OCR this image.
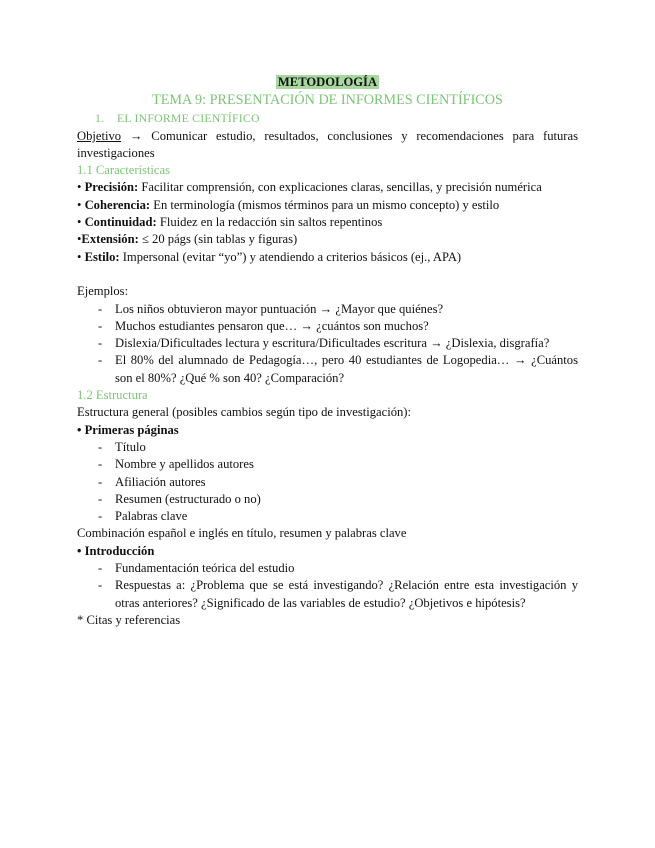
METODOLOGÍA
TEMA 9: PRESENTACIÓN DE INFORMES CIENTÍFICOS
1. EL INFORME CIENTÍFICO
Objetivo → Comunicar estudio, resultados, conclusiones y recomendaciones para futuras investigaciones
1.1 Características
• Precisión: Facilitar comprensión, con explicaciones claras, sencillas, y precisión numérica
• Coherencia: En terminología (mismos términos para un mismo concepto) y estilo
• Continuidad: Fluidez en la redacción sin saltos repentinos
•Extensión: ≤ 20 págs (sin tablas y figuras)
• Estilo: Impersonal (evitar “yo”) y atendiendo a criterios básicos (ej., APA)
Ejemplos:
- Los niños obtuvieron mayor puntuación → ¿Mayor que quiénes?
- Muchos estudiantes pensaron que… → ¿cuántos son muchos?
- Dislexia/Dificultades lectura y escritura/Dificultades escritura → ¿Dislexia, disgrafía?
- El 80% del alumnado de Pedagogía…, pero 40 estudiantes de Logopedia… → ¿Cuántos son el 80%? ¿Qué % son 40? ¿Comparación?
1.2 Estructura
Estructura general (posibles cambios según tipo de investigación):
• Primeras páginas
- Título
- Nombre y apellidos autores
- Afiliación autores
- Resumen (estructurado o no)
- Palabras clave
Combinación español e inglés en título, resumen y palabras clave
• Introducción
- Fundamentación teórica del estudio
- Respuestas a: ¿Problema que se está investigando? ¿Relación entre esta investigación y otras anteriores? ¿Significado de las variables de estudio? ¿Objetivos e hipótesis?
* Citas y referencias
